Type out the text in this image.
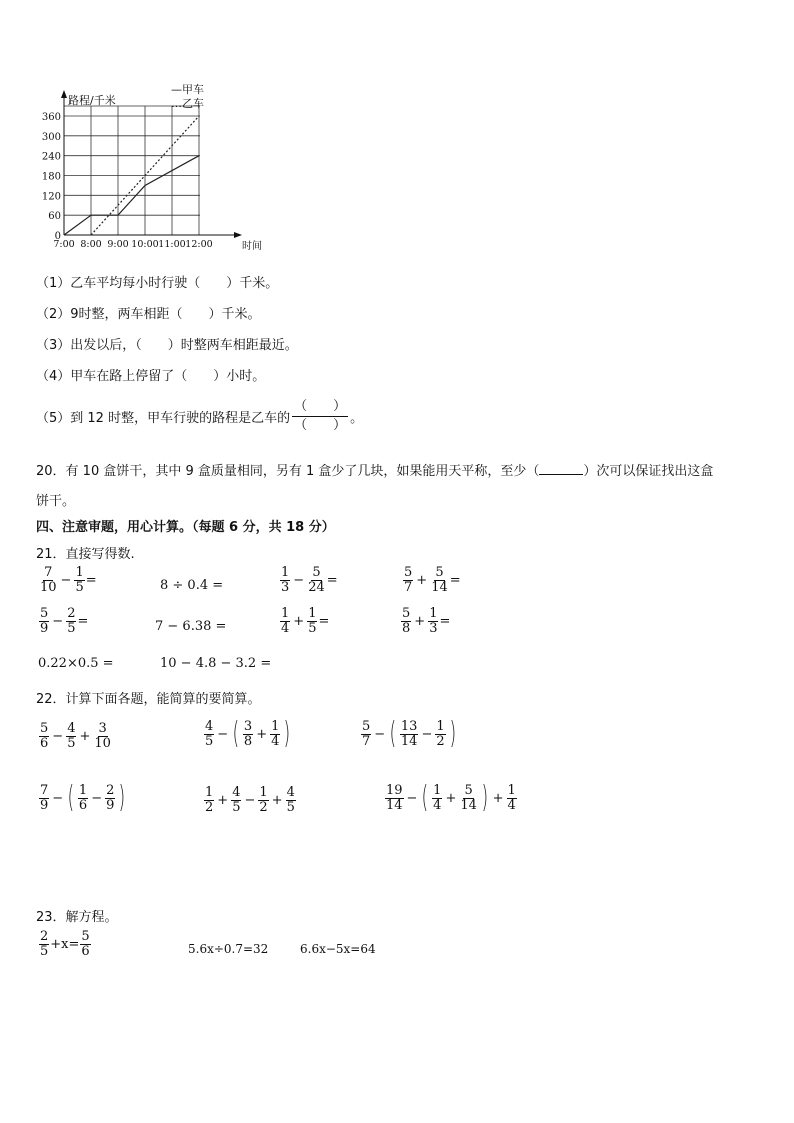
0
60
120
180
240
300
360
7:00 8:00 9:00 10:00 11:00 12:00
路程/千米
时间
—甲车
…乙车
（1）乙车平均每小时行驶（　　）千米。
（2）9时整，两车相距（　　）千米。
（3）出发以后，（　　）时整两车相距最近。
（4）甲车在路上停留了（　　）小时。
（5）到 12 时整，甲车行驶的路程是乙车的 $\frac{( )}{( )}$ 。
20．有 10 盒饼干，其中 9 盒质量相同，另有 1 盒少了几块，如果能用天平称，至少（	）次可以保证找出这盒
饼干。
四、注意审题，用心计算。（每题 6 分，共 18 分）
21．直接写得数.
$\frac{7}{10} - \frac{1}{5}$ =	8 ÷ 0.4 =	$\frac{1}{3} - \frac{5}{24}$ =	$\frac{5}{7} + \frac{5}{14}$ =
$\frac{5}{9} - \frac{2}{5}$ =	7 − 6.38 =	$\frac{1}{4} + \frac{1}{5}$ =	$\frac{5}{8} + \frac{1}{3}$ =
0.22×0.5 =	10 − 4.8 − 3.2 =
22．计算下面各题，能简算的要简算。
$\frac{5}{6} - \frac{4}{5} + \frac{3}{10}$	$\frac{4}{5}$ − ( $\frac{3}{8} + \frac{1}{4}$ )	$\frac{5}{7}$ − ( $\frac{13}{14} - \frac{1}{2}$ )
$\frac{7}{9}$ − ( $\frac{1}{6} - \frac{2}{9}$ )	$\frac{1}{2} + \frac{4}{5} - \frac{1}{2} + \frac{4}{5}$	$\frac{19}{14}$ − ( $\frac{1}{4} + \frac{5}{14}$ ) + $\frac{1}{4}$
23．解方程。
$\frac{2}{5} +x= \frac{5}{6}$	5.6x÷0.7=32	6.6x−5x=64
